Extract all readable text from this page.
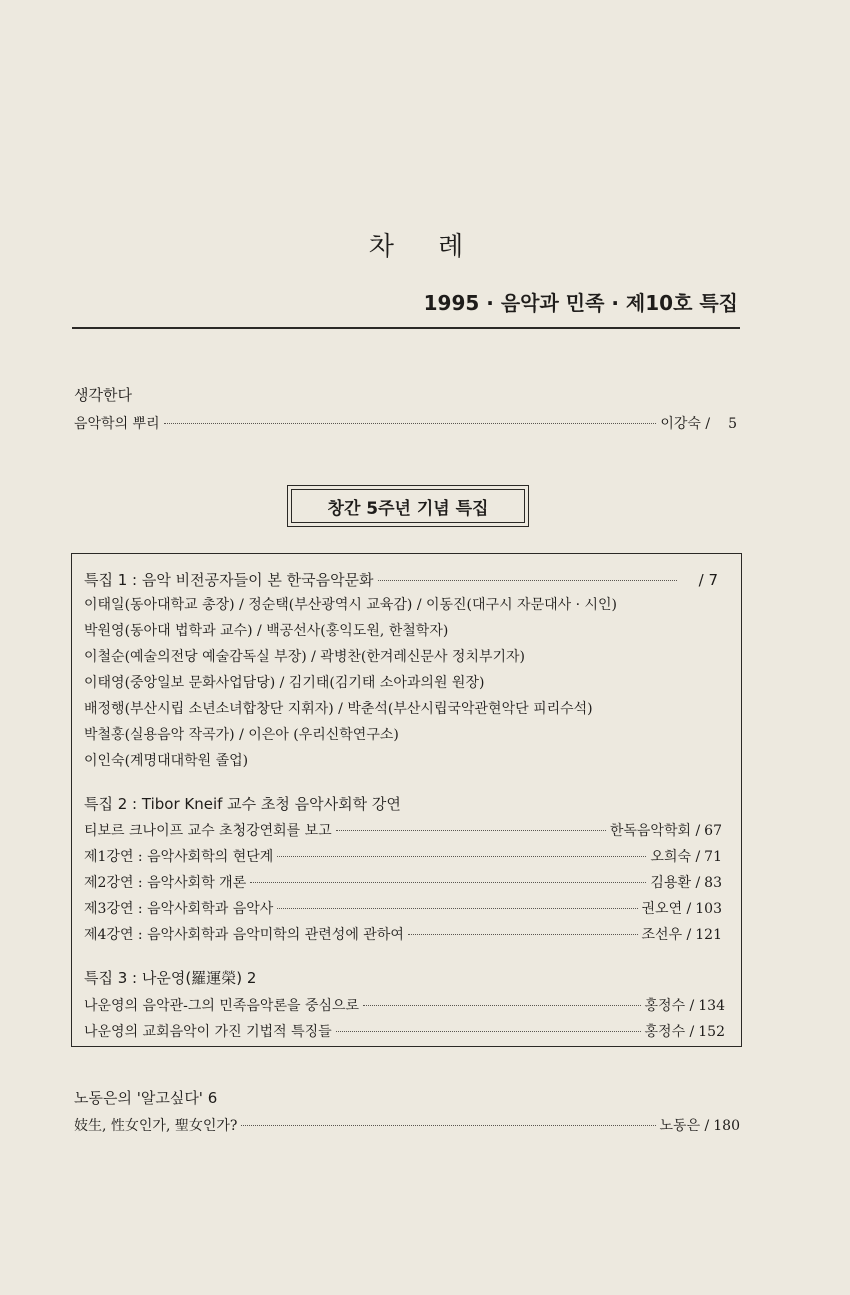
차 례
1995 · 음악과 민족 · 제10호 특집
생각한다
음악학의 뿌리	이강숙 / 5
창간 5주년 기념 특집
특집 1 : 음악 비전공자들이 본 한국음악문화	/ 7
이태일(동아대학교 총장) / 정순택(부산광역시 교육감) / 이동진(대구시 자문대사 · 시인)
박원영(동아대 법학과 교수) / 백공선사(홍익도원, 한철학자)
이철순(예술의전당 예술감독실 부장) / 곽병찬(한겨레신문사 정치부기자)
이태영(중앙일보 문화사업담당) / 김기태(김기태 소아과의원 원장)
배정행(부산시립 소년소녀합창단 지휘자) / 박춘석(부산시립국악관현악단 피리수석)
박철홍(실용음악 작곡가) / 이은아 (우리신학연구소)
이인숙(계명대대학원 졸업)
특집 2 : Tibor Kneif 교수 초청 음악사회학 강연
티보르 크나이프 교수 초청강연회를 보고	한독음악학회 / 67
제1강연 : 음악사회학의 현단계	오희숙 / 71
제2강연 : 음악사회학 개론	김용환 / 83
제3강연 : 음악사회학과 음악사	권오연 / 103
제4강연 : 음악사회학과 음악미학의 관련성에 관하여	조선우 / 121
특집 3 : 나운영(羅運榮) 2
나운영의 음악관-그의 민족음악론을 중심으로	홍정수 / 134
나운영의 교회음악이 가진 기법적 특징들	홍정수 / 152
노동은의 '알고싶다' 6
妓生, 性女인가, 聖女인가?	노동은 / 180
